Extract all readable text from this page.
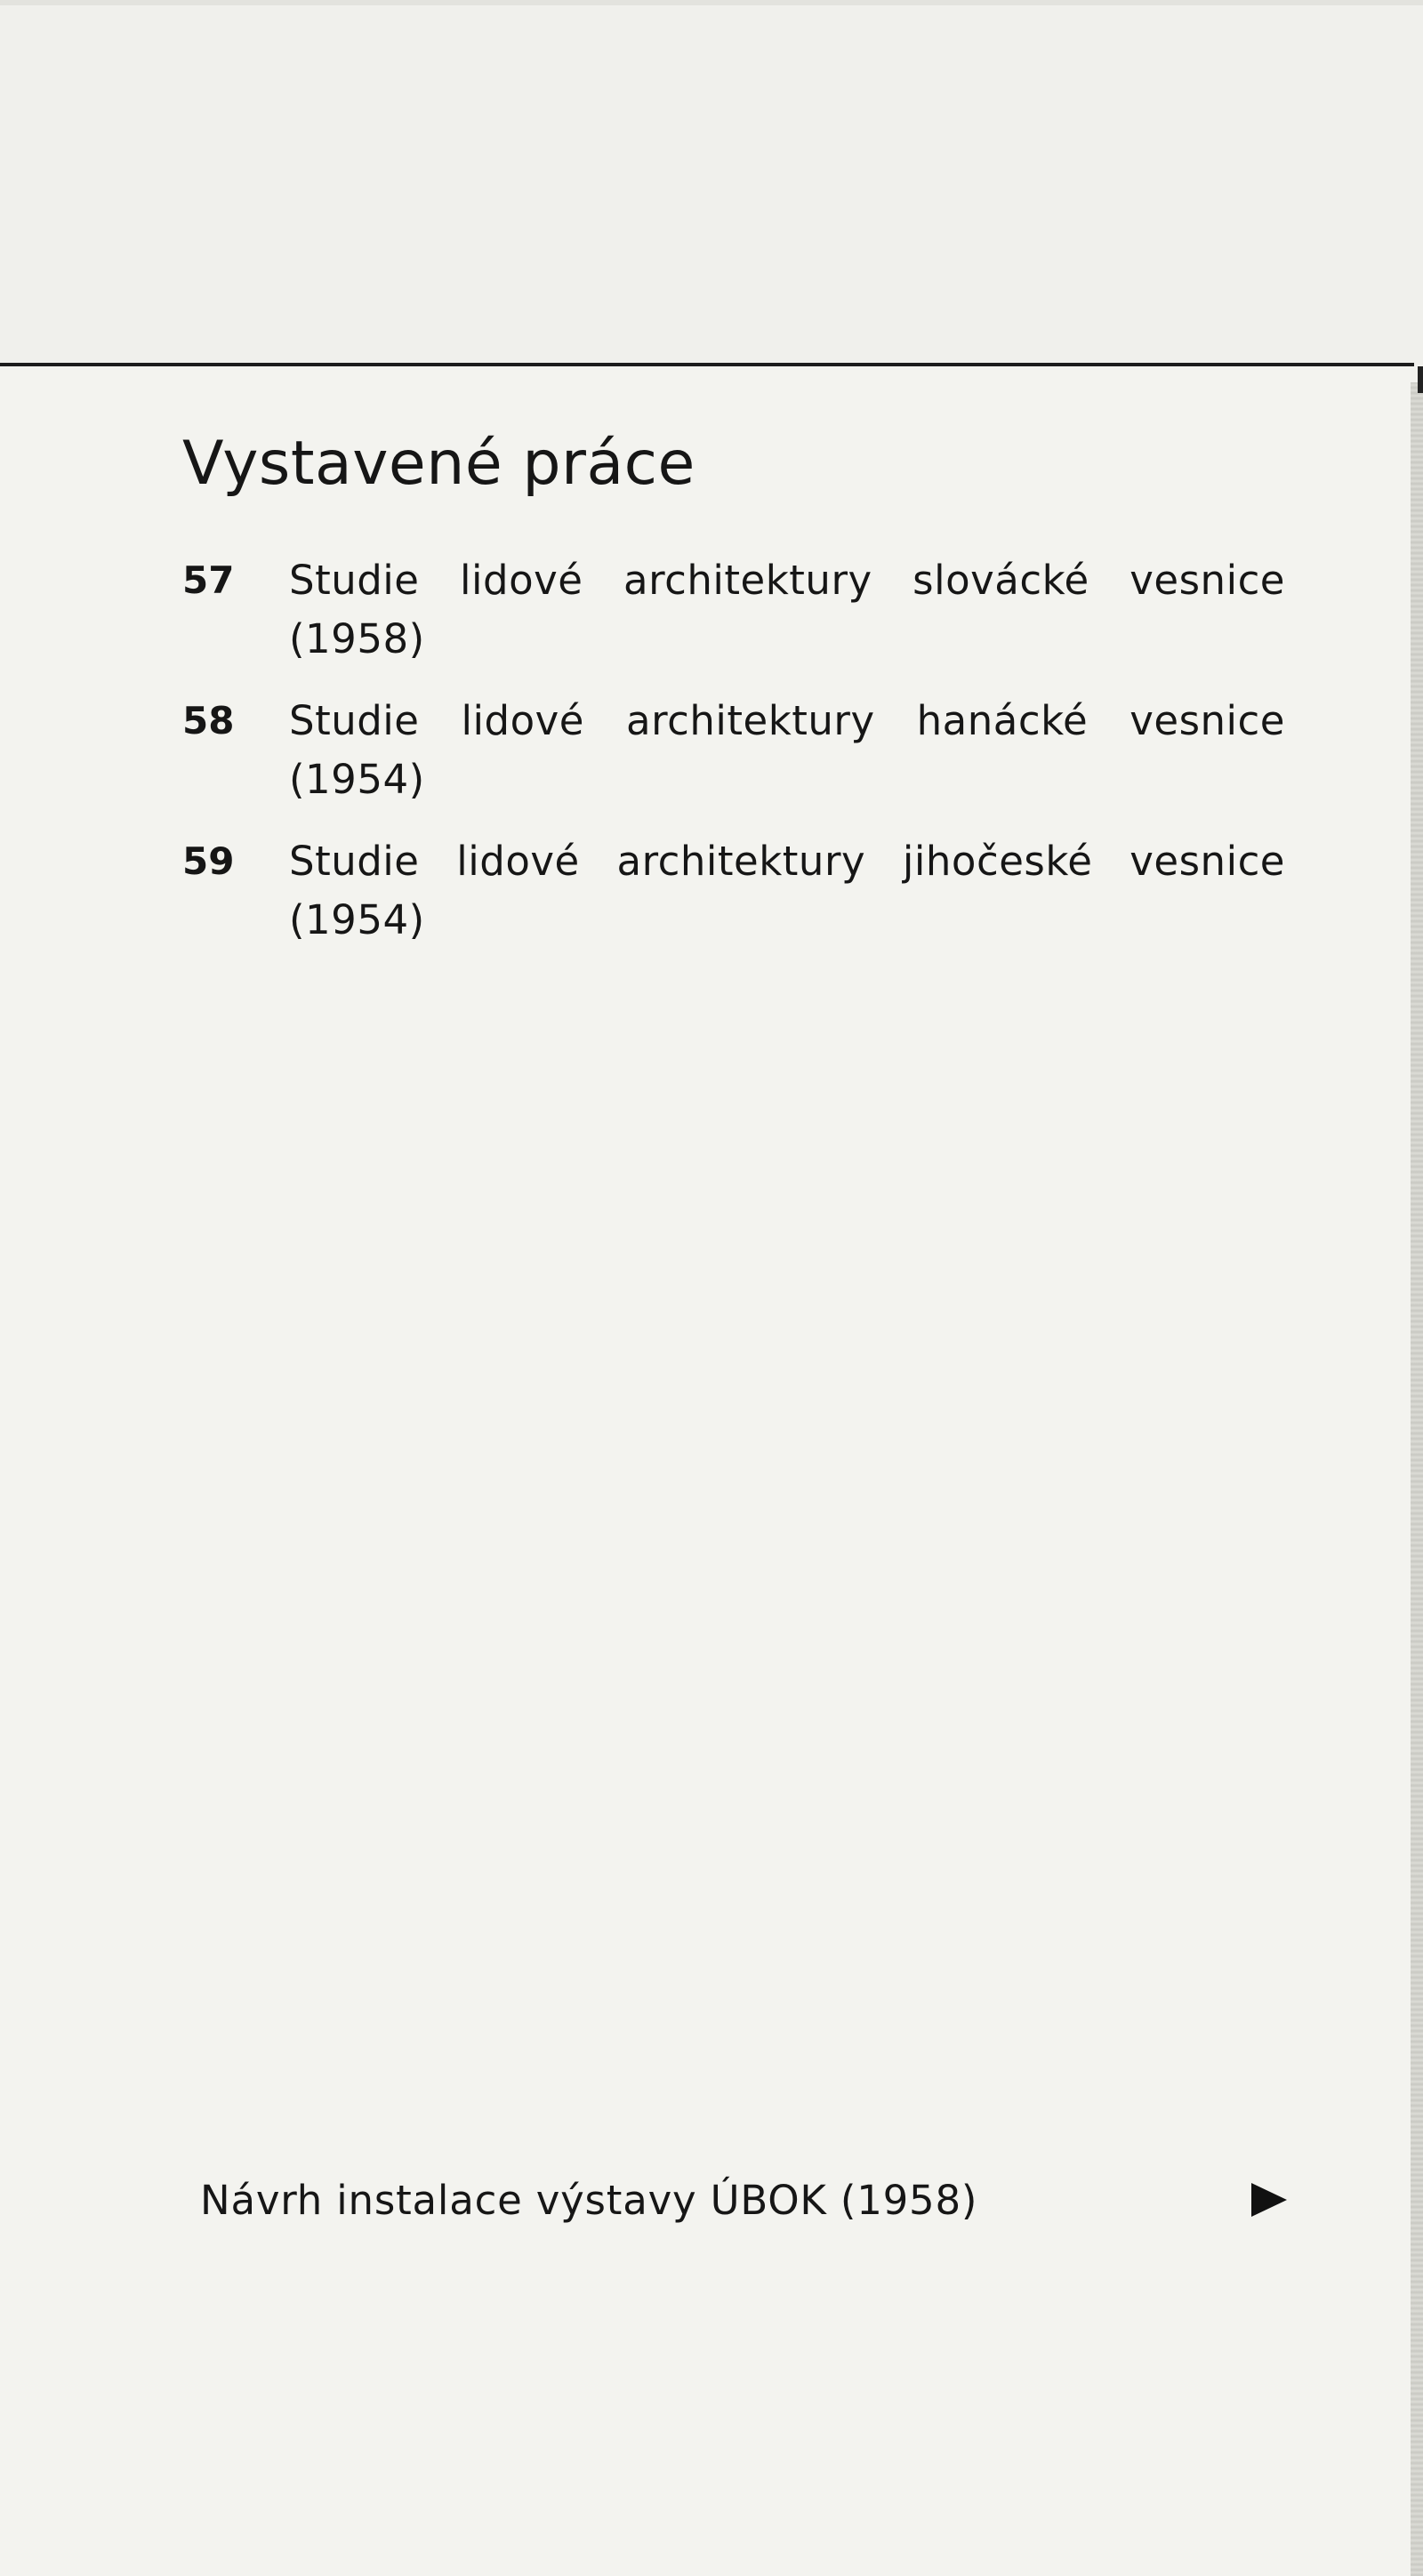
Vystavené práce
57	Studie lidové architektury slovácké vesnice (1958)
58	Studie lidové architektury hanácké vesnice (1954)
59	Studie lidové architektury jihočeské vesnice (1954)

Návrh instalace výstavy ÚBOK (1958)
